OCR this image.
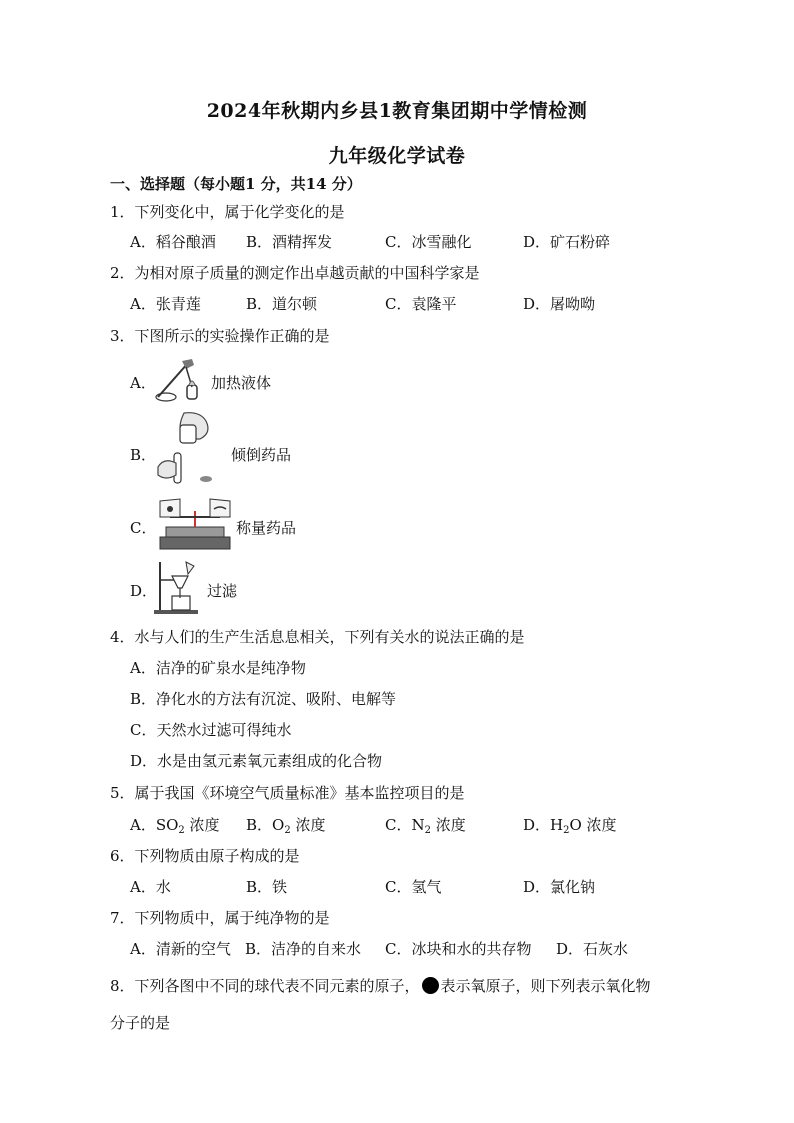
2024年秋期内乡县1教育集团期中学情检测
九年级化学试卷
一、选择题（每小题1 分，共14 分）
1．下列变化中，属于化学变化的是
A．稻谷酿酒 B．酒精挥发	C．冰雪融化	D．矿石粉碎
2．为相对原子质量的测定作出卓越贡献的中国科学家是
A．张青莲	B．道尔顿	C．袁隆平	D．屠呦呦
3．下图所示的实验操作正确的是
A．	加热液体
B．	倾倒药品
C．	称量药品
D．	过滤
4．水与人们的生产生活息息相关，下列有关水的说法正确的是
A．洁净的矿泉水是纯净物
B．净化水的方法有沉淀、吸附、电解等
C．天然水过滤可得纯水
D．水是由氢元素氧元素组成的化合物
5．属于我国《环境空气质量标准》基本监控项目的是
A．$SO_2$ 浓度 B．$O_2$ 浓度	C．$N_2$ 浓度	D．$H_2O$ 浓度
6．下列物质由原子构成的是
A．水	B．铁	C．氢气	D．氯化钠
7．下列物质中，属于纯净物的是
A．清新的空气 B．洁净的自来水 C．冰块和水的共存物 D．石灰水
8．下列各图中不同的球代表不同元素的原子， 表示氧原子，则下列表示氧化物
分子的是
